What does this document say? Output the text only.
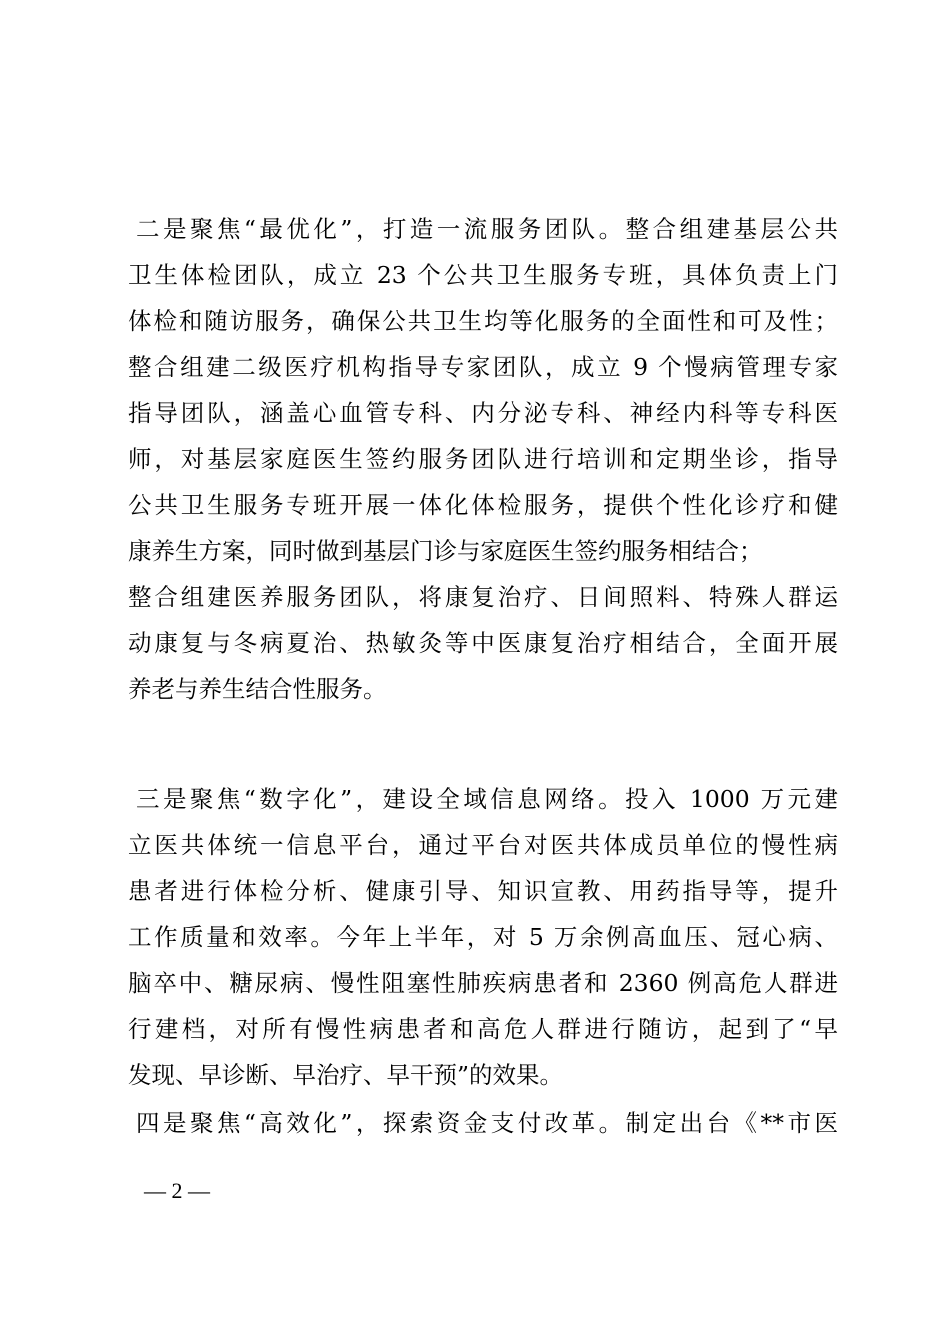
二是聚焦“最优化”，打造一流服务团队。整合组建基层公共
卫生体检团队，成立 23 个公共卫生服务专班，具体负责上门
体检和随访服务，确保公共卫生均等化服务的全面性和可及性；
整合组建二级医疗机构指导专家团队，成立 9 个慢病管理专家
指导团队，涵盖心血管专科、内分泌专科、神经内科等专科医
师，对基层家庭医生签约服务团队进行培训和定期坐诊，指导
公共卫生服务专班开展一体化体检服务，提供个性化诊疗和健
康养生方案，同时做到基层门诊与家庭医生签约服务相结合；
整合组建医养服务团队，将康复治疗、日间照料、特殊人群运
动康复与冬病夏治、热敏灸等中医康复治疗相结合，全面开展
养老与养生结合性服务。
三是聚焦“数字化”，建设全域信息网络。投入 1000 万元建
立医共体统一信息平台，通过平台对医共体成员单位的慢性病
患者进行体检分析、健康引导、知识宣教、用药指导等，提升
工作质量和效率。今年上半年，对 5 万余例高血压、冠心病、
脑卒中、糖尿病、慢性阻塞性肺疾病患者和 2360 例高危人群进
行建档，对所有慢性病患者和高危人群进行随访，起到了“早
发现、早诊断、早治疗、早干预”的效果。
四是聚焦“高效化”，探索资金支付改革。制定出台《**市医
— 2 —
